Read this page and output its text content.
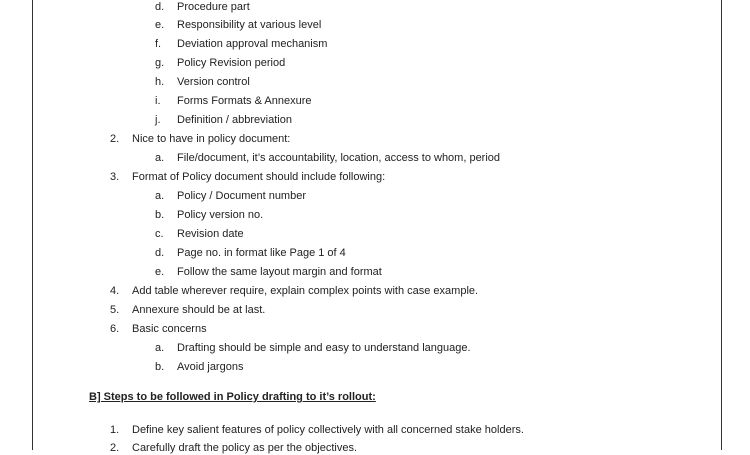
d. Procedure part
e. Responsibility at various level
f. Deviation approval mechanism
g. Policy Revision period
h. Version control
i. Forms Formats & Annexure
j. Definition / abbreviation
2. Nice to have in policy document:
a. File/document, it’s accountability, location, access to whom, period
3. Format of Policy document should include following:
a. Policy / Document number
b. Policy version no.
c. Revision date
d. Page no. in format like Page 1 of 4
e. Follow the same layout margin and format
4. Add table wherever require, explain complex points with case example.
5. Annexure should be at last.
6. Basic concerns
a. Drafting should be simple and easy to understand language.
b. Avoid jargons
B] Steps to be followed in Policy drafting to it’s rollout:
1. Define key salient features of policy collectively with all concerned stake holders.
2. Carefully draft the policy as per the objectives.
